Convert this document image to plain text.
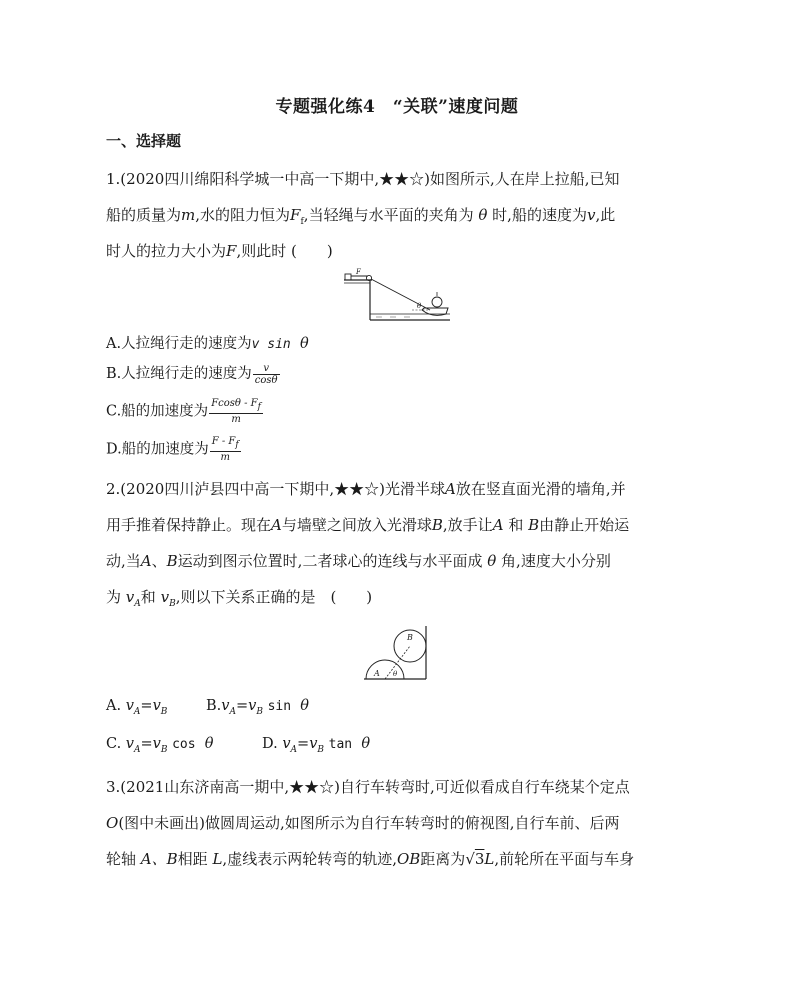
专题强化练4　“关联”速度问题
一、选择题
1.(2020四川绵阳科学城一中高一下期中,★★☆)如图所示,人在岸上拉船,已知
船的质量为m,水的阻力恒为$F_f$,当轻绳与水平面的夹角为 θ 时,船的速度为v,此
时人的拉力大小为F,则此时 (　　)
F
θ
A.人拉绳行走的速度为v sin θ
B.人拉绳行走的速度为 $\frac{v}{\cos\theta}$
C.船的加速度为 $\frac{Fcos\theta - F_f}{m}$
D.船的加速度为 $\frac{F - F_f}{m}$
2.(2020四川泸县四中高一下期中,★★☆)光滑半球A放在竖直面光滑的墙角,并
用手推着保持静止。现在A与墙壁之间放入光滑球B,放手让A 和 B由静止开始运
动,当A、B运动到图示位置时,二者球心的连线与水平面成 θ 角,速度大小分别
为 $v_A$和 $v_B$,则以下关系正确的是　(　　)
B
A θ
A. $v_A=v_B$	$B.v_A=v_B$ sin θ
C. $v_A=v_B$ cos θ	D. $v_A=v_B$ tan θ
3.(2021山东济南高一期中,★★☆)自行车转弯时,可近似看成自行车绕某个定点
O(图中未画出)做圆周运动,如图所示为自行车转弯时的俯视图,自行车前、后两
轮轴 A、B相距 L,虚线表示两轮转弯的轨迹,OB距离为√3L,前轮所在平面与车身
